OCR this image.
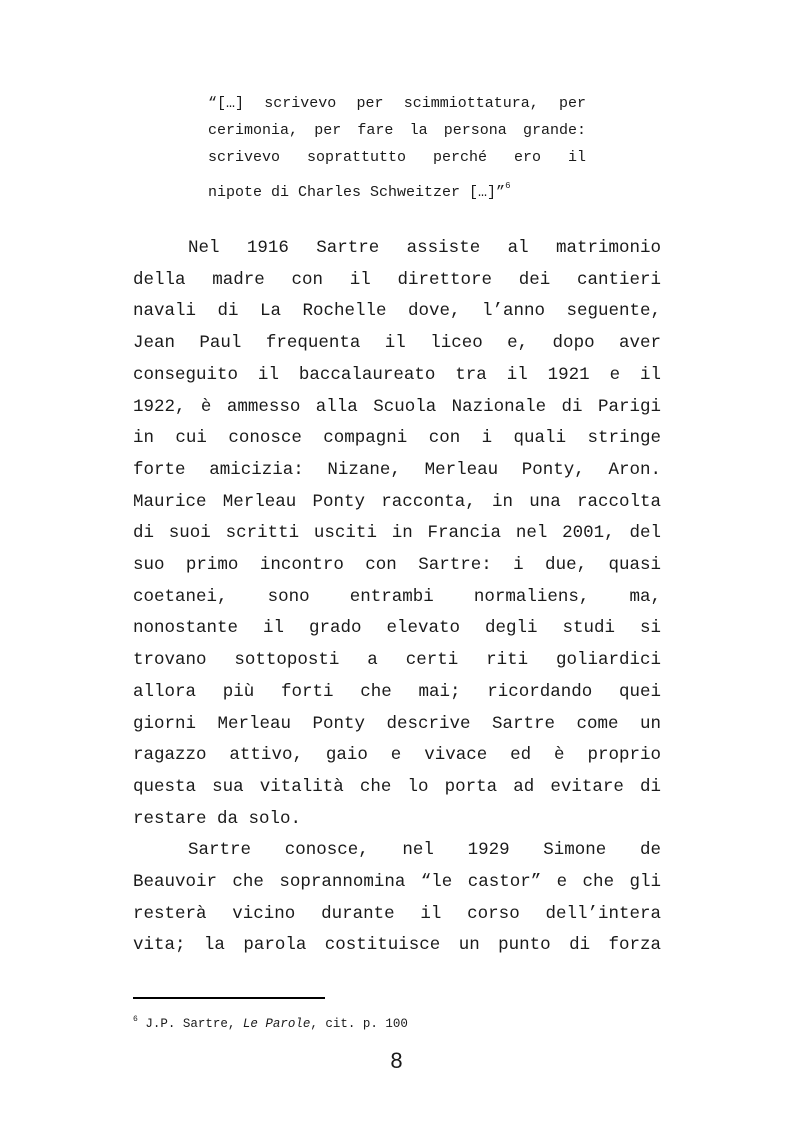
“[…] scrivevo per scimmiottatura, per

cerimonia, per fare la persona grande:

scrivevo soprattutto perché ero il

nipote di Charles Schweitzer […]”$^6$

Nel 1916 Sartre assiste al matrimonio

della madre con il direttore dei cantieri

navali di La Rochelle dove, l’anno seguente,

Jean Paul frequenta il liceo e, dopo aver

conseguito il baccalaureato tra il 1921 e il

1922, è ammesso alla Scuola Nazionale di Parigi

in cui conosce compagni con i quali stringe

forte amicizia: Nizane, Merleau Ponty, Aron.

Maurice Merleau Ponty racconta, in una raccolta

di suoi scritti usciti in Francia nel 2001, del

suo primo incontro con Sartre: i due, quasi

coetanei, sono entrambi normaliens, ma,

nonostante il grado elevato degli studi si

trovano sottoposti a certi riti goliardici

allora più forti che mai; ricordando quei

giorni Merleau Ponty descrive Sartre come un

ragazzo attivo, gaio e vivace ed è proprio

questa sua vitalità che lo porta ad evitare di

restare da solo.

Sartre conosce, nel 1929 Simone de

Beauvoir che soprannomina “le castor” e che gli

resterà vicino durante il corso dell’intera

vita; la parola costituisce un punto di forza

$^6$ J.P. Sartre, Le Parole, cit. p. 100

8
